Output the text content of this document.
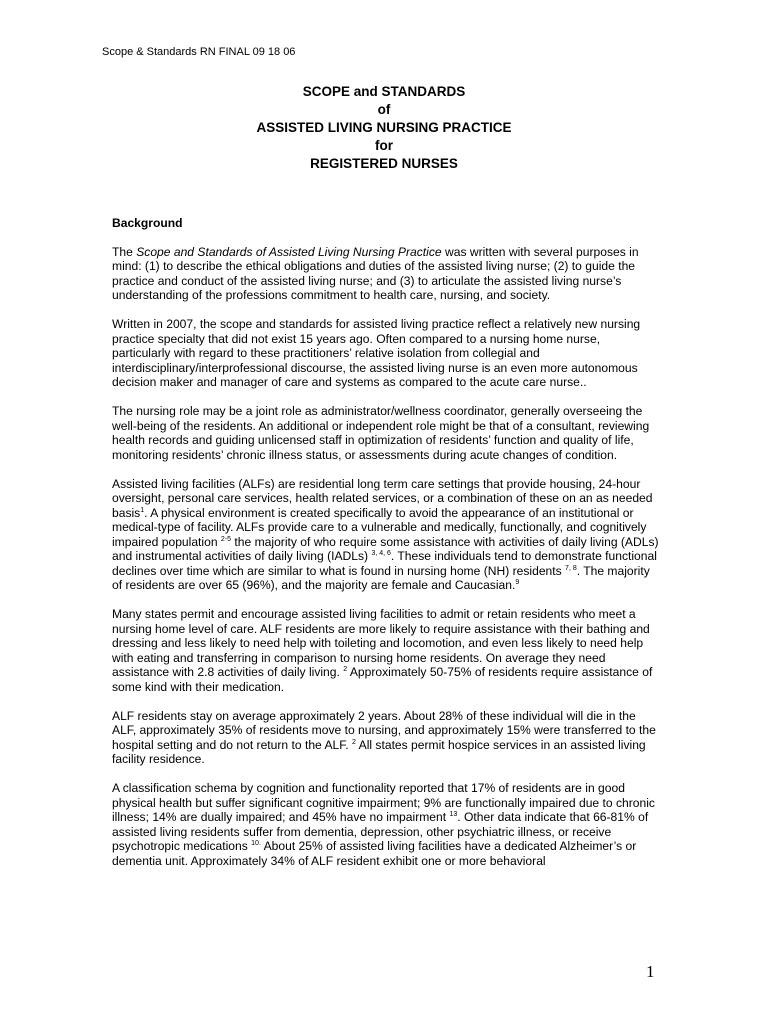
Scope & Standards RN FINAL 09 18 06
SCOPE and STANDARDS
of
ASSISTED LIVING NURSING PRACTICE
for
REGISTERED NURSES
Background

The Scope and Standards of Assisted Living Nursing Practice was written with several purposes in mind: (1) to describe the ethical obligations and duties of the assisted living nurse; (2) to guide the practice and conduct of the assisted living nurse; and (3) to articulate the assisted living nurse’s understanding of the professions commitment to health care, nursing, and society.

Written in 2007, the scope and standards for assisted living practice reflect a relatively new nursing practice specialty that did not exist 15 years ago. Often compared to a nursing home nurse, particularly with regard to these practitioners’ relative isolation from collegial and interdisciplinary/interprofessional discourse, the assisted living nurse is an even more autonomous decision maker and manager of care and systems as compared to the acute care nurse..

The nursing role may be a joint role as administrator/wellness coordinator, generally overseeing the well-being of the residents. An additional or independent role might be that of a consultant, reviewing health records and guiding unlicensed staff in optimization of residents’ function and quality of life, monitoring residents’ chronic illness status, or assessments during acute changes of condition.

Assisted living facilities (ALFs) are residential long term care settings that provide housing, 24-hour oversight, personal care services, health related services, or a combination of these on an as needed basis$^1$. A physical environment is created specifically to avoid the appearance of an institutional or medical-type of facility. ALFs provide care to a vulnerable and medically, functionally, and cognitively impaired population $^{2-5}$ the majority of who require some assistance with activities of daily living (ADLs) and instrumental activities of daily living (IADLs) $^{3, 4, 6}$. These individuals tend to demonstrate functional declines over time which are similar to what is found in nursing home (NH) residents $^{7, 8}$. The majority of residents are over 65 (96%), and the majority are female and Caucasian.$^9$

Many states permit and encourage assisted living facilities to admit or retain residents who meet a nursing home level of care. ALF residents are more likely to require assistance with their bathing and dressing and less likely to need help with toileting and locomotion, and even less likely to need help with eating and transferring in comparison to nursing home residents. On average they need assistance with 2.8 activities of daily living. $^2$ Approximately 50-75% of residents require assistance of some kind with their medication.

ALF residents stay on average approximately 2 years. About 28% of these individual will die in the ALF, approximately 35% of residents move to nursing, and approximately 15% were transferred to the hospital setting and do not return to the ALF. $^2$ All states permit hospice services in an assisted living facility residence.

A classification schema by cognition and functionality reported that 17% of residents are in good physical health but suffer significant cognitive impairment; 9% are functionally impaired due to chronic illness; 14% are dually impaired; and 45% have no impairment $^{13}$. Other data indicate that 66-81% of assisted living residents suffer from dementia, depression, other psychiatric illness, or receive psychotropic medications $^{10.}$ About 25% of assisted living facilities have a dedicated Alzheimer’s or dementia unit. Approximately 34% of ALF resident exhibit one or more behavioral

1
